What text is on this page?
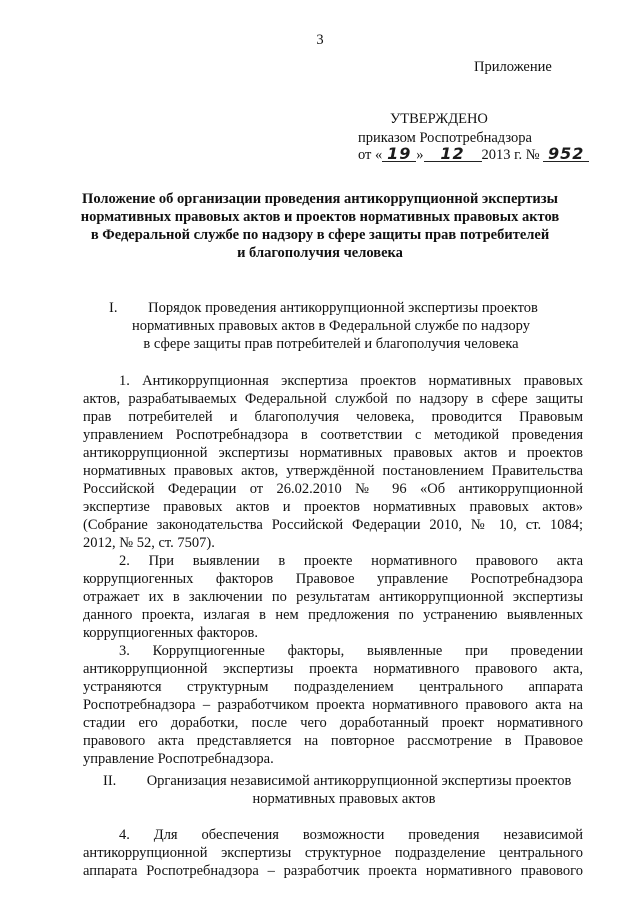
3
Приложение
УТВЕРЖДЕНО
приказом Роспотребнадзора
от « 19 » 12 2013 г. № 952
Положение об организации проведения антикоррупционной экспертизы
нормативных правовых актов и проектов нормативных правовых актов
в Федеральной службе по надзору в сфере защиты прав потребителей
и благополучия человека
I.	Порядок проведения антикоррупционной экспертизы проектов
нормативных правовых актов в Федеральной службе по надзору
в сфере защиты прав потребителей и благополучия человека
1. Антикоррупционная экспертиза проектов нормативных правовых
актов, разрабатываемых Федеральной службой по надзору в сфере защиты
прав потребителей и благополучия человека, проводится Правовым
управлением Роспотребнадзора в соответствии с методикой проведения
антикоррупционной экспертизы нормативных правовых актов и проектов
нормативных правовых актов, утверждённой постановлением Правительства
Российской Федерации от 26.02.2010 № 96 «Об антикоррупционной
экспертизе правовых актов и проектов нормативных правовых актов»
(Собрание законодательства Российской Федерации 2010, № 10, ст. 1084;
2012, № 52, ст. 7507).
2. При выявлении в проекте нормативного правового акта
коррупциогенных факторов Правовое управление Роспотребнадзора
отражает их в заключении по результатам антикоррупционной экспертизы
данного проекта, излагая в нем предложения по устранению выявленных
коррупциогенных факторов.
3. Коррупциогенные факторы, выявленные при проведении
антикоррупционной экспертизы проекта нормативного правового акта,
устраняются структурным подразделением центрального аппарата
Роспотребнадзора – разработчиком проекта нормативного правового акта на
стадии его доработки, после чего доработанный проект нормативного
правового акта представляется на повторное рассмотрение в Правовое
управление Роспотребнадзора.
II.	Организация независимой антикоррупционной экспертизы проектов
нормативных правовых актов
4. Для обеспечения возможности проведения независимой
антикоррупционной экспертизы структурное подразделение центрального
аппарата Роспотребнадзора – разработчик проекта нормативного правового
